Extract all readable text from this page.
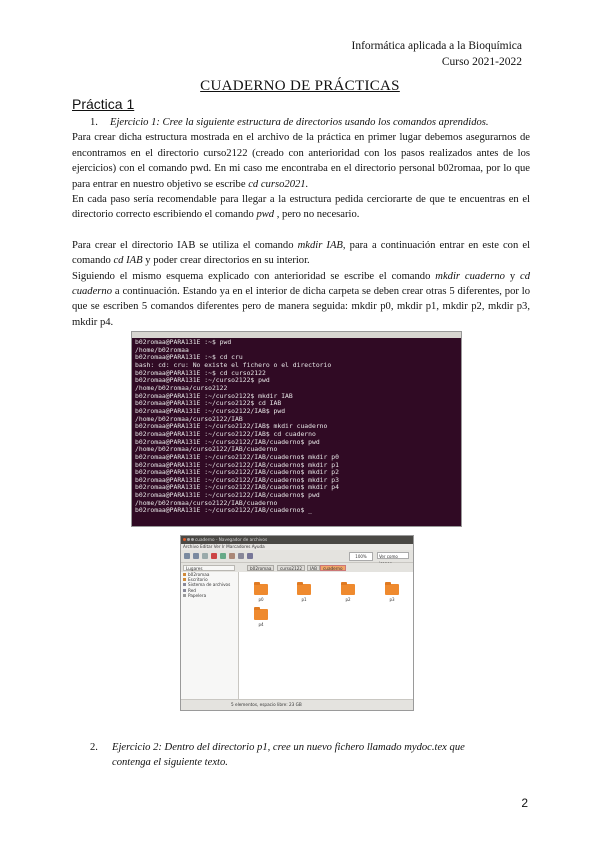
Informática aplicada a la Bioquímica
Curso 2021-2022
CUADERNO DE PRÁCTICAS
Práctica 1

1. Ejercicio 1: Cree la siguiente estructura de directorios usando los comandos aprendidos.

Para crear dicha estructura mostrada en el archivo de la práctica en primer lugar debemos asegurarnos de encontramos en el directorio curso2122 (creado con anterioridad con los pasos realizados antes de los ejercicios) con el comando pwd. En mi caso me encontraba en el directorio personal b02romaa, por lo que para entrar en nuestro objetivo se escribe cd curso2021.

En cada paso sería recomendable para llegar a la estructura pedida cerciorarte de que te encuentras en el directorio correcto escribiendo el comando pwd , pero no necesario.

Para crear el directorio IAB se utiliza el comando mkdir IAB, para a continuación entrar en este con el comando cd IAB y poder crear directorios en su interior.

Siguiendo el mismo esquema explicado con anterioridad se escribe el comando mkdir cuaderno y cd cuaderno a continuación. Estando ya en el interior de dicha carpeta se deben crear otras 5 diferentes, por lo que se escriben 5 comandos diferentes pero de manera seguida: mkdir p0, mkdir p1, mkdir p2, mkdir p3, mkdir p4.

b02romaa@PARA131E :~$ pwd
/home/b02romaa
b02romaa@PARA131E :~$ cd cru
bash: cd: cru: No existe el fichero o el directorio
b02romaa@PARA131E :~$ cd curso2122
b02romaa@PARA131E :~/curso2122$ pwd
/home/b02romaa/curso2122
b02romaa@PARA131E :~/curso2122$ mkdir IAB
b02romaa@PARA131E :~/curso2122$ cd IAB
b02romaa@PARA131E :~/curso2122/IAB$ pwd
/home/b02romaa/curso2122/IAB
b02romaa@PARA131E :~/curso2122/IAB$ mkdir cuaderno
b02romaa@PARA131E :~/curso2122/IAB$ cd cuaderno
b02romaa@PARA131E :~/curso2122/IAB/cuaderno$ pwd
/home/b02romaa/curso2122/IAB/cuaderno
b02romaa@PARA131E :~/curso2122/IAB/cuaderno$ mkdir p0
b02romaa@PARA131E :~/curso2122/IAB/cuaderno$ mkdir p1
b02romaa@PARA131E :~/curso2122/IAB/cuaderno$ mkdir p2
b02romaa@PARA131E :~/curso2122/IAB/cuaderno$ mkdir p3
b02romaa@PARA131E :~/curso2122/IAB/cuaderno$ mkdir p4
b02romaa@PARA131E :~/curso2122/IAB/cuaderno$ pwd
/home/b02romaa/curso2122/IAB/cuaderno
b02romaa@PARA131E :~/curso2122/IAB/cuaderno$ _
cuaderno - Navegador de archivos
Archivo Editar Ver Ir Marcadores Ayuda
100%	Ver como
Lugares	b02romaa	curso2122	IAB	cuaderno
b02romaa
Escritorio
Sistema de archivos
Red
Papelera
p0	p1	p2	p3
p4
5 elementos, espacio libre: 23 GB

2. Ejercicio 2: Dentro del directorio p1, cree un nuevo fichero llamado mydoc.tex que

contenga el siguiente texto.

2
